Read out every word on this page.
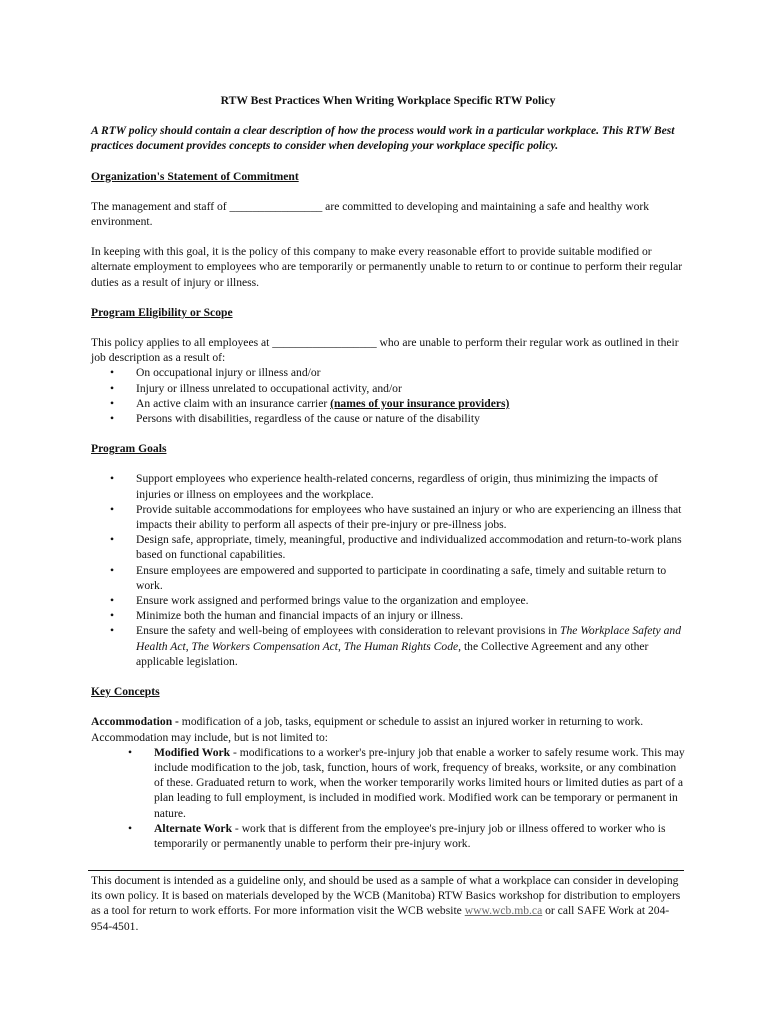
RTW Best Practices When Writing Workplace Specific RTW Policy
A RTW policy should contain a clear description of how the process would work in a particular workplace. This RTW Best practices document provides concepts to consider when developing your workplace specific policy.
Organization's Statement of Commitment

The management and staff of ________________ are committed to developing and maintaining a safe and healthy work environment.

In keeping with this goal, it is the policy of this company to make every reasonable effort to provide suitable modified or alternate employment to employees who are temporarily or permanently unable to return to or continue to perform their regular duties as a result of injury or illness.

Program Eligibility or Scope
This policy applies to all employees at __________________ who are unable to perform their regular work as outlined in their job description as a result of:
• On occupational injury or illness and/or
• Injury or illness unrelated to occupational activity, and/or
• An active claim with an insurance carrier (names of your insurance providers)
• Persons with disabilities, regardless of the cause or nature of the disability
Program Goals
• Support employees who experience health-related concerns, regardless of origin, thus minimizing the impacts of injuries or illness on employees and the workplace.
• Provide suitable accommodations for employees who have sustained an injury or who are experiencing an illness that impacts their ability to perform all aspects of their pre-injury or pre-illness jobs.
• Design safe, appropriate, timely, meaningful, productive and individualized accommodation and return-to-work plans based on functional capabilities.
• Ensure employees are empowered and supported to participate in coordinating a safe, timely and suitable return to work.
• Ensure work assigned and performed brings value to the organization and employee.
• Minimize both the human and financial impacts of an injury or illness.
• Ensure the safety and well-being of employees with consideration to relevant provisions in The Workplace Safety and Health Act, The Workers Compensation Act, The Human Rights Code, the Collective Agreement and any other applicable legislation.
Key Concepts
Accommodation - modification of a job, tasks, equipment or schedule to assist an injured worker in returning to work. Accommodation may include, but is not limited to:
• Modified Work - modifications to a worker's pre-injury job that enable a worker to safely resume work. This may include modification to the job, task, function, hours of work, frequency of breaks, worksite, or any combination of these. Graduated return to work, when the worker temporarily works limited hours or limited duties as part of a plan leading to full employment, is included in modified work. Modified work can be temporary or permanent in nature.
• Alternate Work - work that is different from the employee's pre-injury job or illness offered to worker who is temporarily or permanently unable to perform their pre-injury work.
This document is intended as a guideline only, and should be used as a sample of what a workplace can consider in developing its own policy. It is based on materials developed by the WCB (Manitoba) RTW Basics workshop for distribution to employers as a tool for return to work efforts. For more information visit the WCB website www.wcb.mb.ca or call SAFE Work at 204-954-4501.
